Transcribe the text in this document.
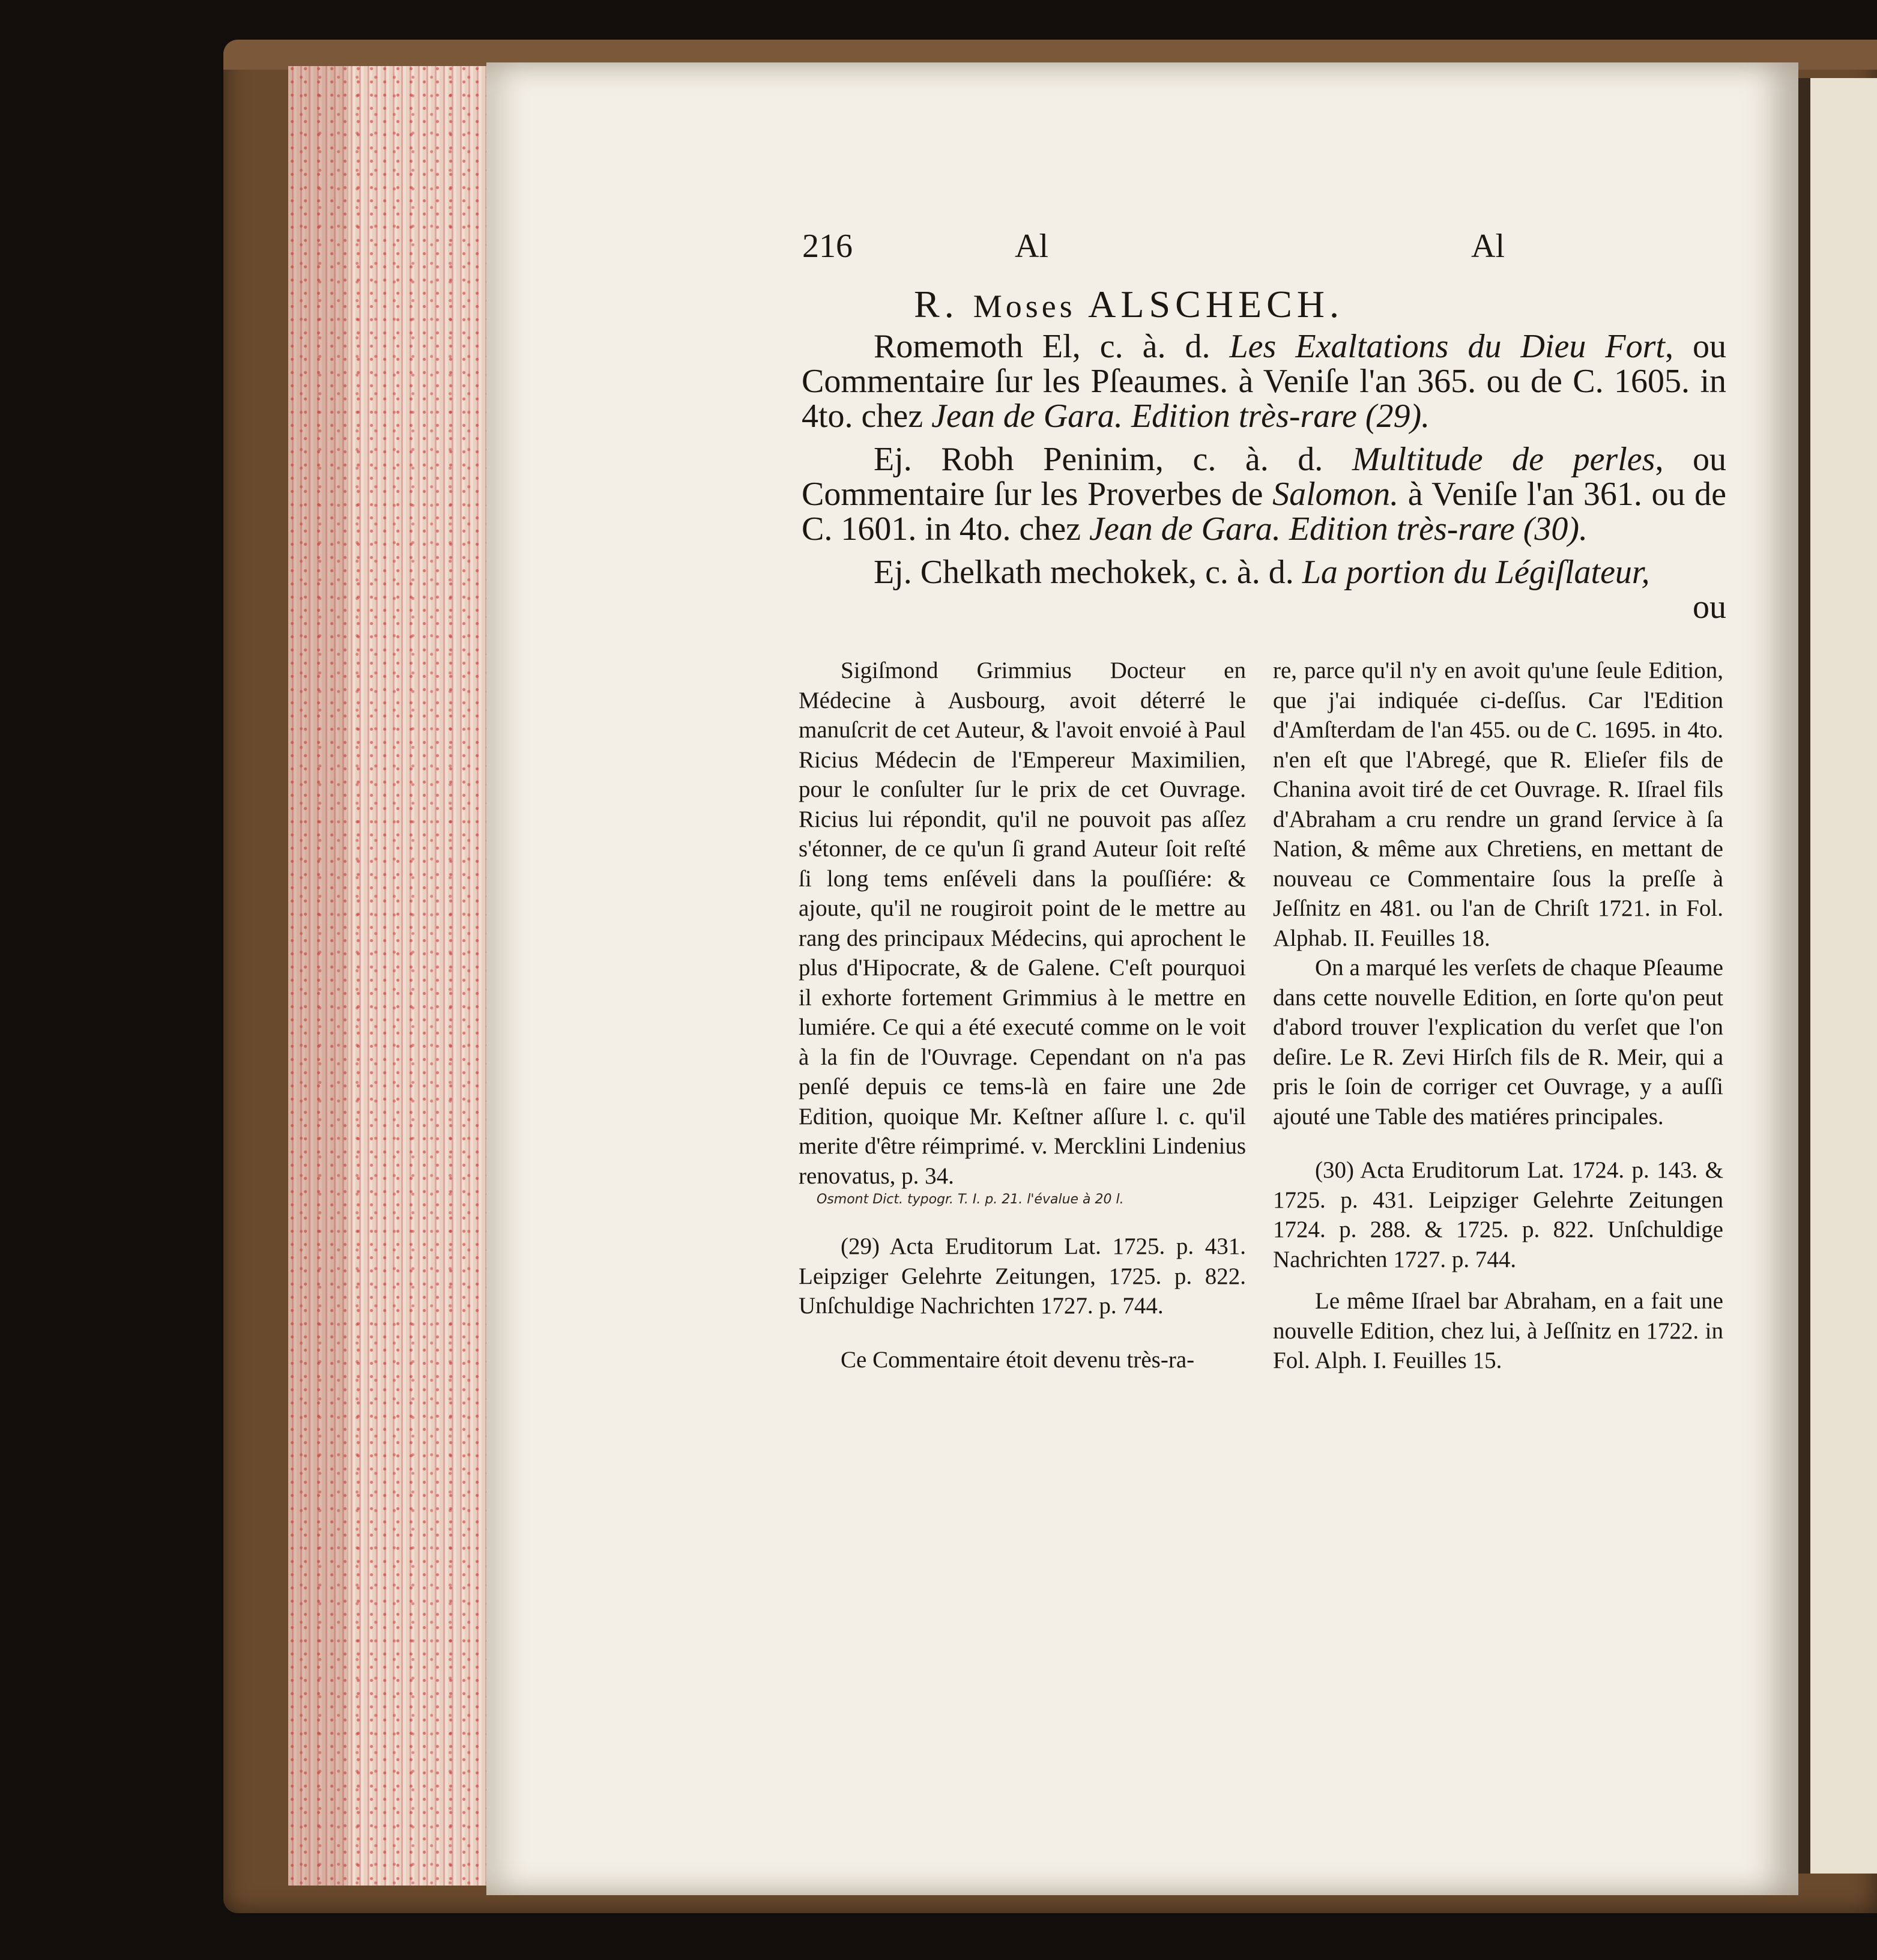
216	Al	Al
R. Moses ALSCHECH.

Romemoth El, c. à. d. Les Exaltations du Dieu Fort, ou Commentaire ſur les Pſeaumes. à Veniſe l'an 365. ou de C. 1605. in 4to. chez Jean de Gara. Edition très-rare (29).

Ej. Robh Peninim, c. à. d. Multitude de perles, ou Commentaire ſur les Proverbes de Salomon. à Veniſe l'an 361. ou de C. 1601. in 4to. chez Jean de Gara. Edition très-rare (30).

Ej. Chelkath mechokek, c. à. d. La portion du Légiſlateur,

ou

Sigiſmond Grimmius Docteur en Médecine à Ausbourg, avoit déterré le manuſcrit de cet Auteur, & l'avoit envoié à Paul Ricius Médecin de l'Empereur Maximilien, pour le conſulter ſur le prix de cet Ouvrage. Ricius lui répondit, qu'il ne pouvoit pas aſſez s'étonner, de ce qu'un ſi grand Auteur ſoit reſté ſi long tems enſéveli dans la pouſſiére: & ajoute, qu'il ne rougiroit point de le mettre au rang des principaux Médecins, qui aprochent le plus d'Hipocrate, & de Galene. C'eſt pourquoi il exhorte fortement Grimmius à le mettre en lumiére. Ce qui a été executé comme on le voit à la fin de l'Ouvrage. Cependant on n'a pas penſé depuis ce tems-là en faire une 2de Edition, quoique Mr. Keſtner aſſure l. c. qu'il merite d'être réimprimé. v. Mercklini Lindenius renovatus, p. 34.

Osmont Dict. typogr. T. I. p. 21. l'évalue à 20 l.

(29) Acta Eruditorum Lat. 1725. p. 431. Leipziger Gelehrte Zeitungen, 1725. p. 822. Unſchuldige Nachrichten 1727. p. 744.

Ce Commentaire étoit devenu très-ra-

re, parce qu'il n'y en avoit qu'une ſeule Edition, que j'ai indiquée ci-deſſus. Car l'Edition d'Amſterdam de l'an 455. ou de C. 1695. in 4to. n'en eſt que l'Abregé, que R. Elieſer fils de Chanina avoit tiré de cet Ouvrage. R. Iſrael fils d'Abraham a cru rendre un grand ſervice à ſa Nation, & même aux Chretiens, en mettant de nouveau ce Commentaire ſous la preſſe à Jeſſnitz en 481. ou l'an de Chriſt 1721. in Fol. Alphab. II. Feuilles 18.

On a marqué les verſets de chaque Pſeaume dans cette nouvelle Edition, en ſorte qu'on peut d'abord trouver l'explication du verſet que l'on deſire. Le R. Zevi Hirſch fils de R. Meir, qui a pris le ſoin de corriger cet Ouvrage, y a auſſi ajouté une Table des matiéres principales.

(30) Acta Eruditorum Lat. 1724. p. 143. & 1725. p. 431. Leipziger Gelehrte Zeitungen 1724. p. 288. & 1725. p. 822. Unſchuldige Nachrichten 1727. p. 744.

Le même Iſrael bar Abraham, en a fait une nouvelle Edition, chez lui, à Jeſſnitz en 1722. in Fol. Alph. I. Feuilles 15.
